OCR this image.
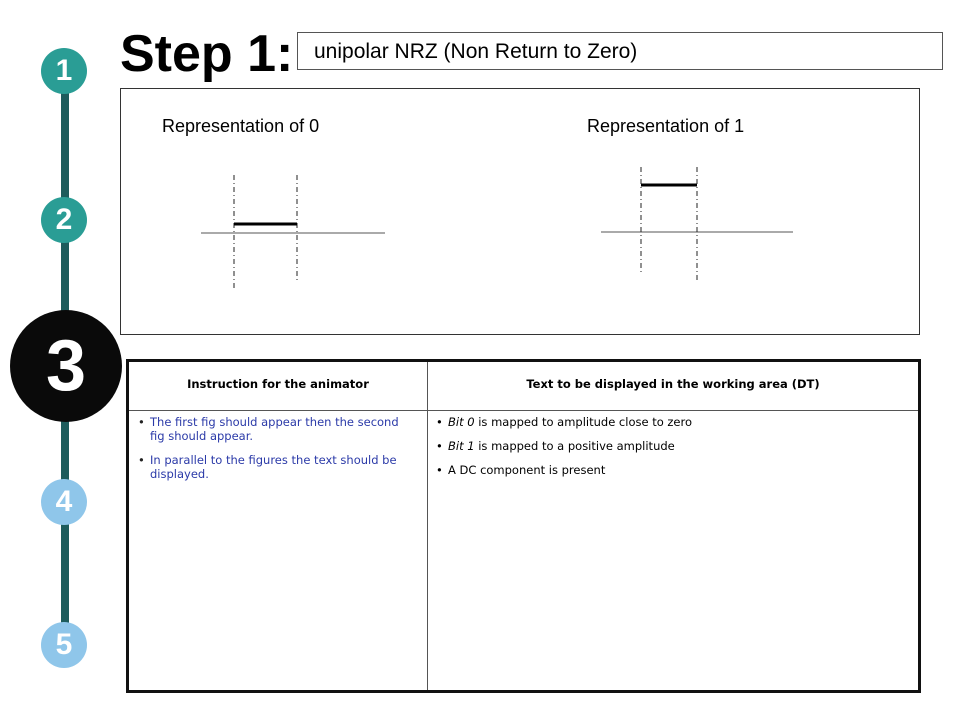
1
2
3
4
5
Step 1: unipolar NRZ (Non Return to Zero)
Representation of 0	Representation of 1
Instruction for the animator	Text to be displayed in the working area (DT)
• The first fig should appear then the second fig should appear.
• In parallel to the figures the text should be displayed.
• Bit 0 is mapped to amplitude close to zero
• Bit 1 is mapped to a positive amplitude
• A DC component is present
